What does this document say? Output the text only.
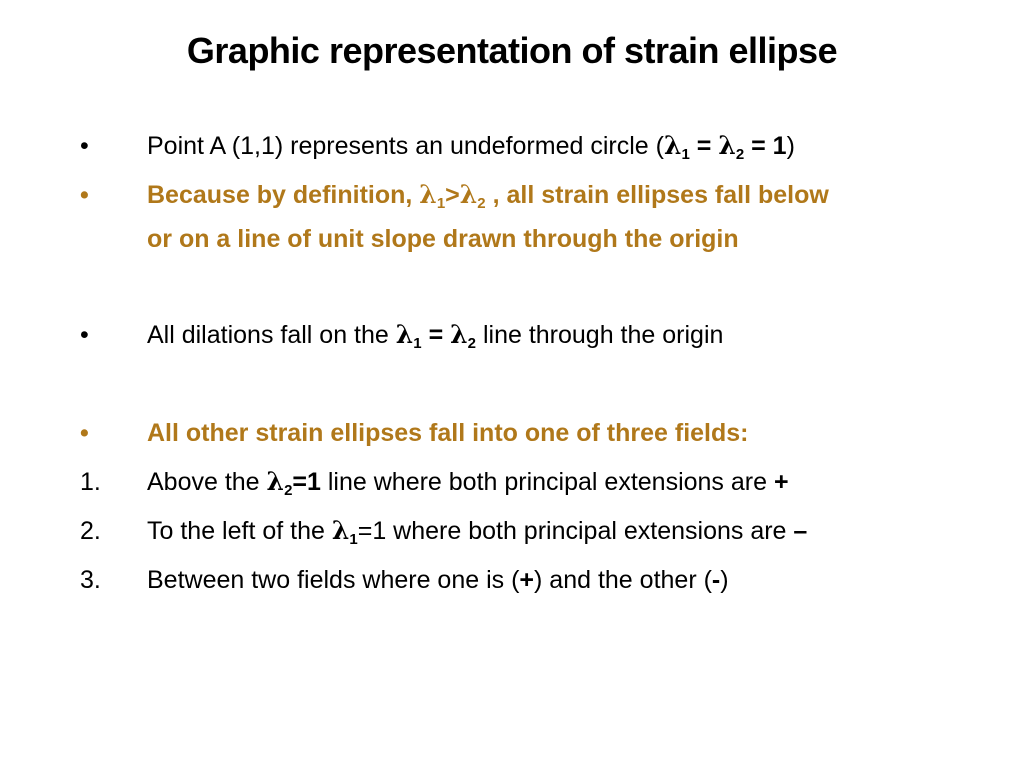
Graphic representation of strain ellipse
• Point A (1,1) represents an undeformed circle $(\lambda_1 = \lambda_2 = 1)$
• Because by definition, $\lambda_1>\lambda_2$ , all strain ellipses fall below
or on a line of unit slope drawn through the origin
• All dilations fall on the $\lambda_1 = \lambda_2$ line through the origin
• All other strain ellipses fall into one of three fields:
1. Above the $\lambda_2=1$ line where both principal extensions are +
2. To the left of the $\lambda_1=1$ where both principal extensions are –
3. Between two fields where one is (+) and the other (-)
